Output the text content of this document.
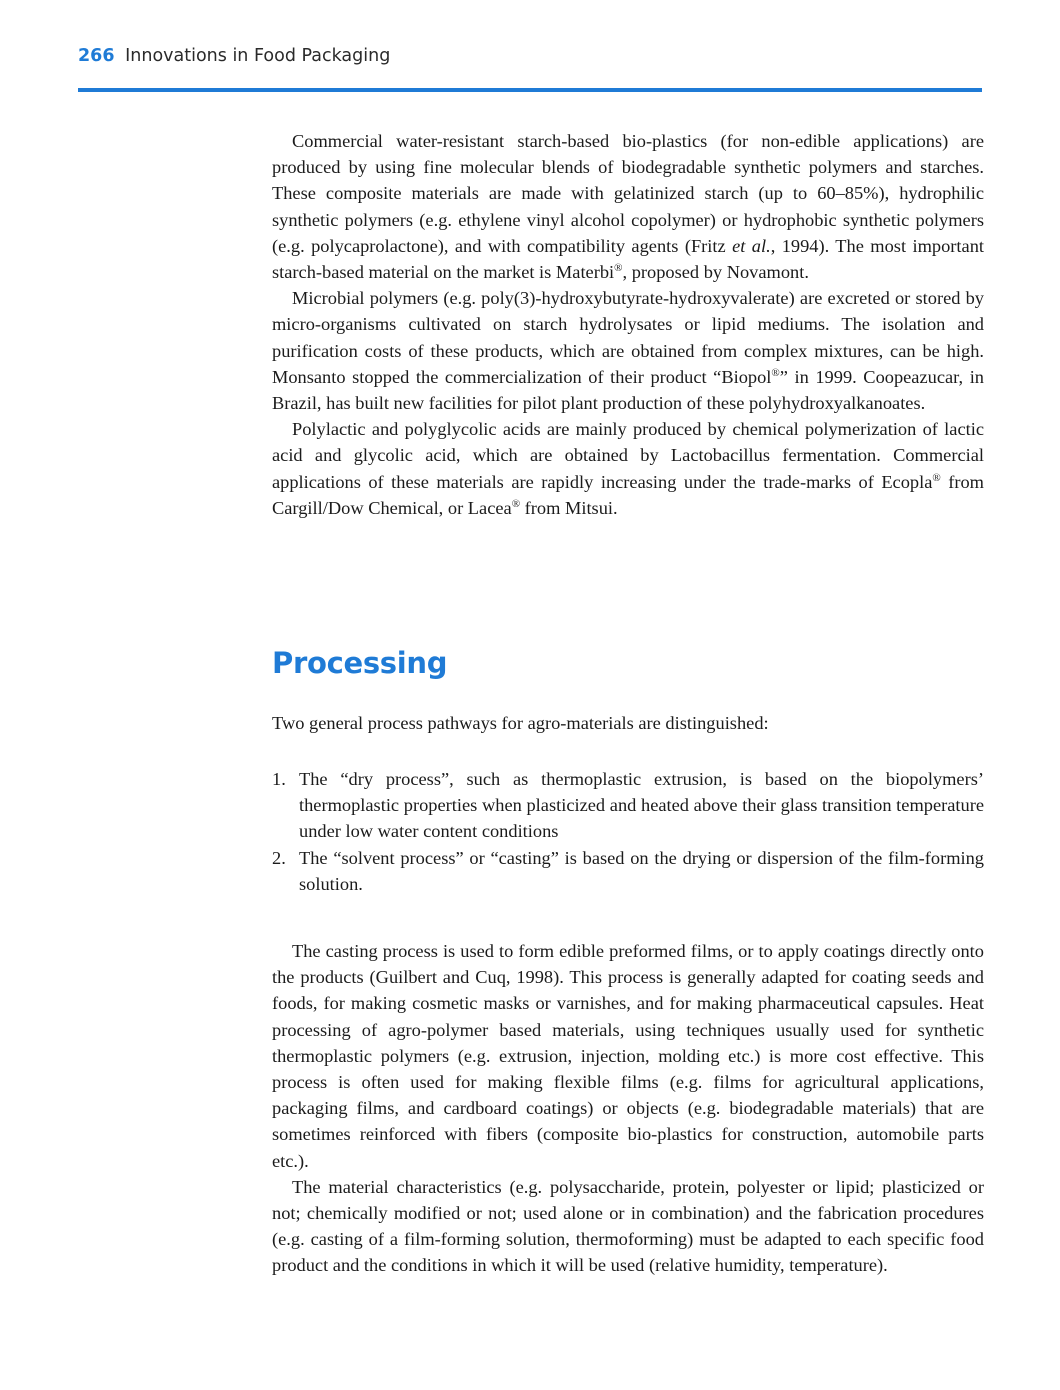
266 Innovations in Food Packaging

Commercial water-resistant starch-based bio-plastics (for non-edible applications) are produced by using fine molecular blends of biodegradable synthetic polymers and starches. These composite materials are made with gelatinized starch (up to 60–85%), hydrophilic synthetic polymers (e.g. ethylene vinyl alcohol copolymer) or hydrophobic synthetic polymers (e.g. polycaprolactone), and with compatibility agents (Fritz et al., 1994). The most important starch-based material on the market is Materbi®, proposed by Novamont.

Microbial polymers (e.g. poly(3)-hydroxybutyrate-hydroxyvalerate) are excreted or stored by micro-organisms cultivated on starch hydrolysates or lipid mediums. The isolation and purification costs of these products, which are obtained from complex mixtures, can be high. Monsanto stopped the commercialization of their product “Biopol®” in 1999. Coopeazucar, in Brazil, has built new facilities for pilot plant production of these polyhydroxyalkanoates.

Polylactic and polyglycolic acids are mainly produced by chemical polymerization of lactic acid and glycolic acid, which are obtained by Lactobacillus fermentation. Commercial applications of these materials are rapidly increasing under the trade-marks of Ecopla® from Cargill/Dow Chemical, or Lacea® from Mitsui.

Processing

Two general process pathways for agro-materials are distinguished:

1. The “dry process”, such as thermoplastic extrusion, is based on the biopolymers’ thermoplastic properties when plasticized and heated above their glass transition temperature under low water content conditions
2. The “solvent process” or “casting” is based on the drying or dispersion of the film-forming solution.

The casting process is used to form edible preformed films, or to apply coatings directly onto the products (Guilbert and Cuq, 1998). This process is generally adapted for coating seeds and foods, for making cosmetic masks or varnishes, and for making pharmaceutical capsules. Heat processing of agro-polymer based materials, using techniques usually used for synthetic thermoplastic polymers (e.g. extrusion, injection, molding etc.) is more cost effective. This process is often used for making flexible films (e.g. films for agricultural applications, packaging films, and cardboard coatings) or objects (e.g. biodegradable materials) that are sometimes reinforced with fibers (composite bio-plastics for construction, automobile parts etc.).

The material characteristics (e.g. polysaccharide, protein, polyester or lipid; plasticized or not; chemically modified or not; used alone or in combination) and the fabrication procedures (e.g. casting of a film-forming solution, thermoforming) must be adapted to each specific food product and the conditions in which it will be used (relative humidity, temperature).
